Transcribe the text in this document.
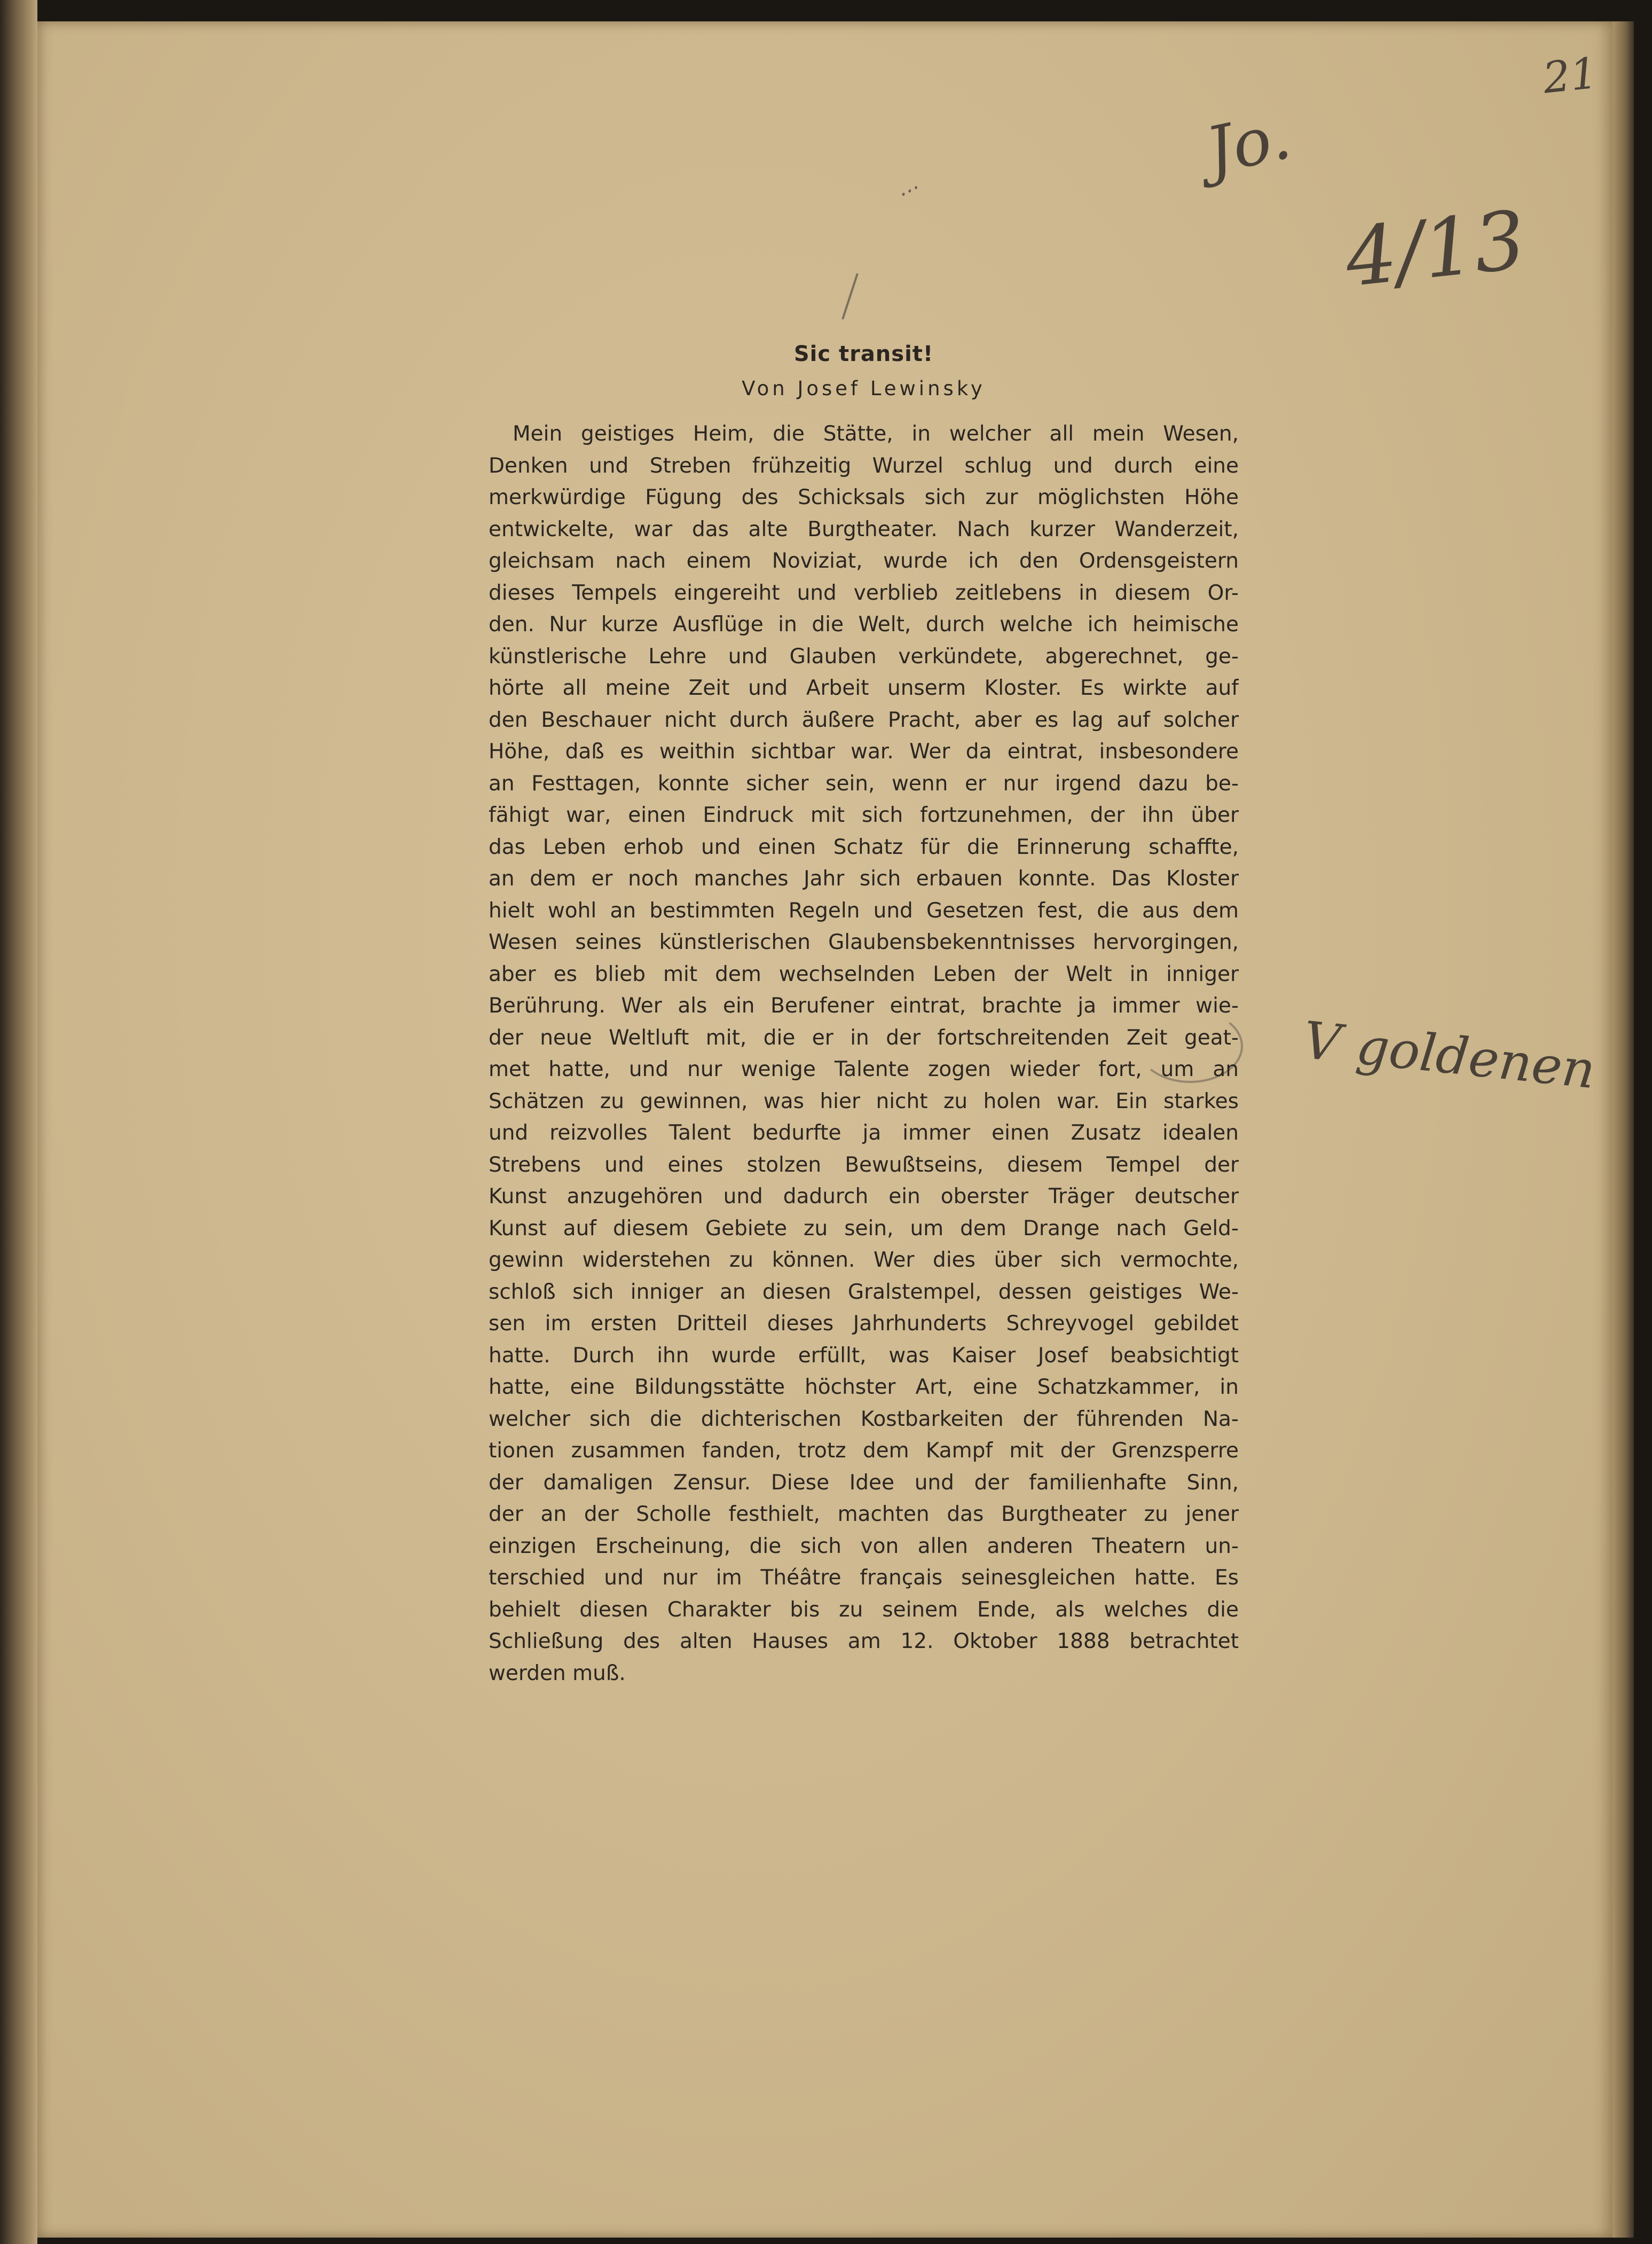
21
…	Jo.
4/13
V goldenen
Sic transit!
Von Josef Lewinsky
Mein geistiges Heim, die Stätte, in welcher all mein Wesen,
Denken und Streben frühzeitig Wurzel schlug und durch eine
merkwürdige Fügung des Schicksals sich zur möglichsten Höhe
entwickelte, war das alte Burgtheater. Nach kurzer Wanderzeit,
gleichsam nach einem Noviziat, wurde ich den Ordensgeistern
dieses Tempels eingereiht und verblieb zeitlebens in diesem Or-
den. Nur kurze Ausflüge in die Welt, durch welche ich heimische
künstlerische Lehre und Glauben verkündete, abgerechnet, ge-
hörte all meine Zeit und Arbeit unserm Kloster. Es wirkte auf
den Beschauer nicht durch äußere Pracht, aber es lag auf solcher
Höhe, daß es weithin sichtbar war. Wer da eintrat, insbesondere
an Festtagen, konnte sicher sein, wenn er nur irgend dazu be-
fähigt war, einen Eindruck mit sich fortzunehmen, der ihn über
das Leben erhob und einen Schatz für die Erinnerung schaffte,
an dem er noch manches Jahr sich erbauen konnte. Das Kloster
hielt wohl an bestimmten Regeln und Gesetzen fest, die aus dem
Wesen seines künstlerischen Glaubensbekenntnisses hervorgingen,
aber es blieb mit dem wechselnden Leben der Welt in inniger
Berührung. Wer als ein Berufener eintrat, brachte ja immer wie-
der neue Weltluft mit, die er in der fortschreitenden Zeit geat-
met hatte, und nur wenige Talente zogen wieder fort, um an
Schätzen zu gewinnen, was hier nicht zu holen war. Ein starkes
und reizvolles Talent bedurfte ja immer einen Zusatz idealen
Strebens und eines stolzen Bewußtseins, diesem Tempel der
Kunst anzugehören und dadurch ein oberster Träger deutscher
Kunst auf diesem Gebiete zu sein, um dem Drange nach Geld-
gewinn widerstehen zu können. Wer dies über sich vermochte,
schloß sich inniger an diesen Gralstempel, dessen geistiges We-
sen im ersten Dritteil dieses Jahrhunderts Schreyvogel gebildet
hatte. Durch ihn wurde erfüllt, was Kaiser Josef beabsichtigt
hatte, eine Bildungsstätte höchster Art, eine Schatzkammer, in
welcher sich die dichterischen Kostbarkeiten der führenden Na-
tionen zusammen fanden, trotz dem Kampf mit der Grenzsperre
der damaligen Zensur. Diese Idee und der familienhafte Sinn,
der an der Scholle festhielt, machten das Burgtheater zu jener
einzigen Erscheinung, die sich von allen anderen Theatern un-
terschied und nur im Théâtre français seinesgleichen hatte. Es
behielt diesen Charakter bis zu seinem Ende, als welches die
Schließung des alten Hauses am 12. Oktober 1888 betrachtet
werden muß.
